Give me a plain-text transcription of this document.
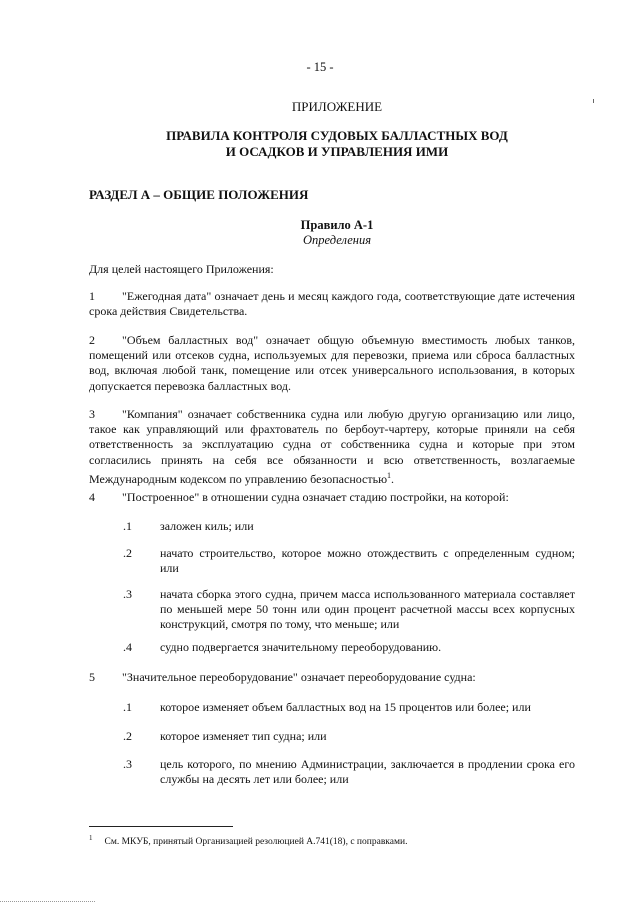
- 15 -
ПРИЛОЖЕНИЕ
ПРАВИЛА КОНТРОЛЯ СУДОВЫХ БАЛЛАСТНЫХ ВОД
И ОСАДКОВ И УПРАВЛЕНИЯ ИМИ
РАЗДЕЛ А – ОБЩИЕ ПОЛОЖЕНИЯ
Правило А-1
Определения
Для целей настоящего Приложения:
1 "Ежегодная дата" означает день и месяц каждого года, соответствующие дате истечения срока действия Свидетельства.
2 "Объем балластных вод" означает общую объемную вместимость любых танков, помещений или отсеков судна, используемых для перевозки, приема или сброса балластных вод, включая любой танк, помещение или отсек универсального использования, в которых допускается перевозка балластных вод.
3 "Компания" означает собственника судна или любую другую организацию или лицо, такое как управляющий или фрахтователь по бербоут-чартеру, которые приняли на себя ответственность за эксплуатацию судна от собственника судна и которые при этом согласились принять на себя все обязанности и всю ответственность, возлагаемые Международным кодексом по управлению безопасностью$^1$.
4 "Построенное" в отношении судна означает стадию постройки, на которой:
.1 заложен киль; или
.2 начато строительство, которое можно отождествить с определенным судном; или
.3 начата сборка этого судна, причем масса использованного материала составляет по меньшей мере 50 тонн или один процент расчетной массы всех корпусных конструкций, смотря по тому, что меньше; или
.4 судно подвергается значительному переоборудованию.
5 "Значительное переоборудование" означает переоборудование судна:
.1 которое изменяет объем балластных вод на 15 процентов или более; или
.2 которое изменяет тип судна; или
.3 цель которого, по мнению Администрации, заключается в продлении срока его службы на десять лет или более; или
$^1$ См. МКУБ, принятый Организацией резолюцией А.741(18), с поправками.
